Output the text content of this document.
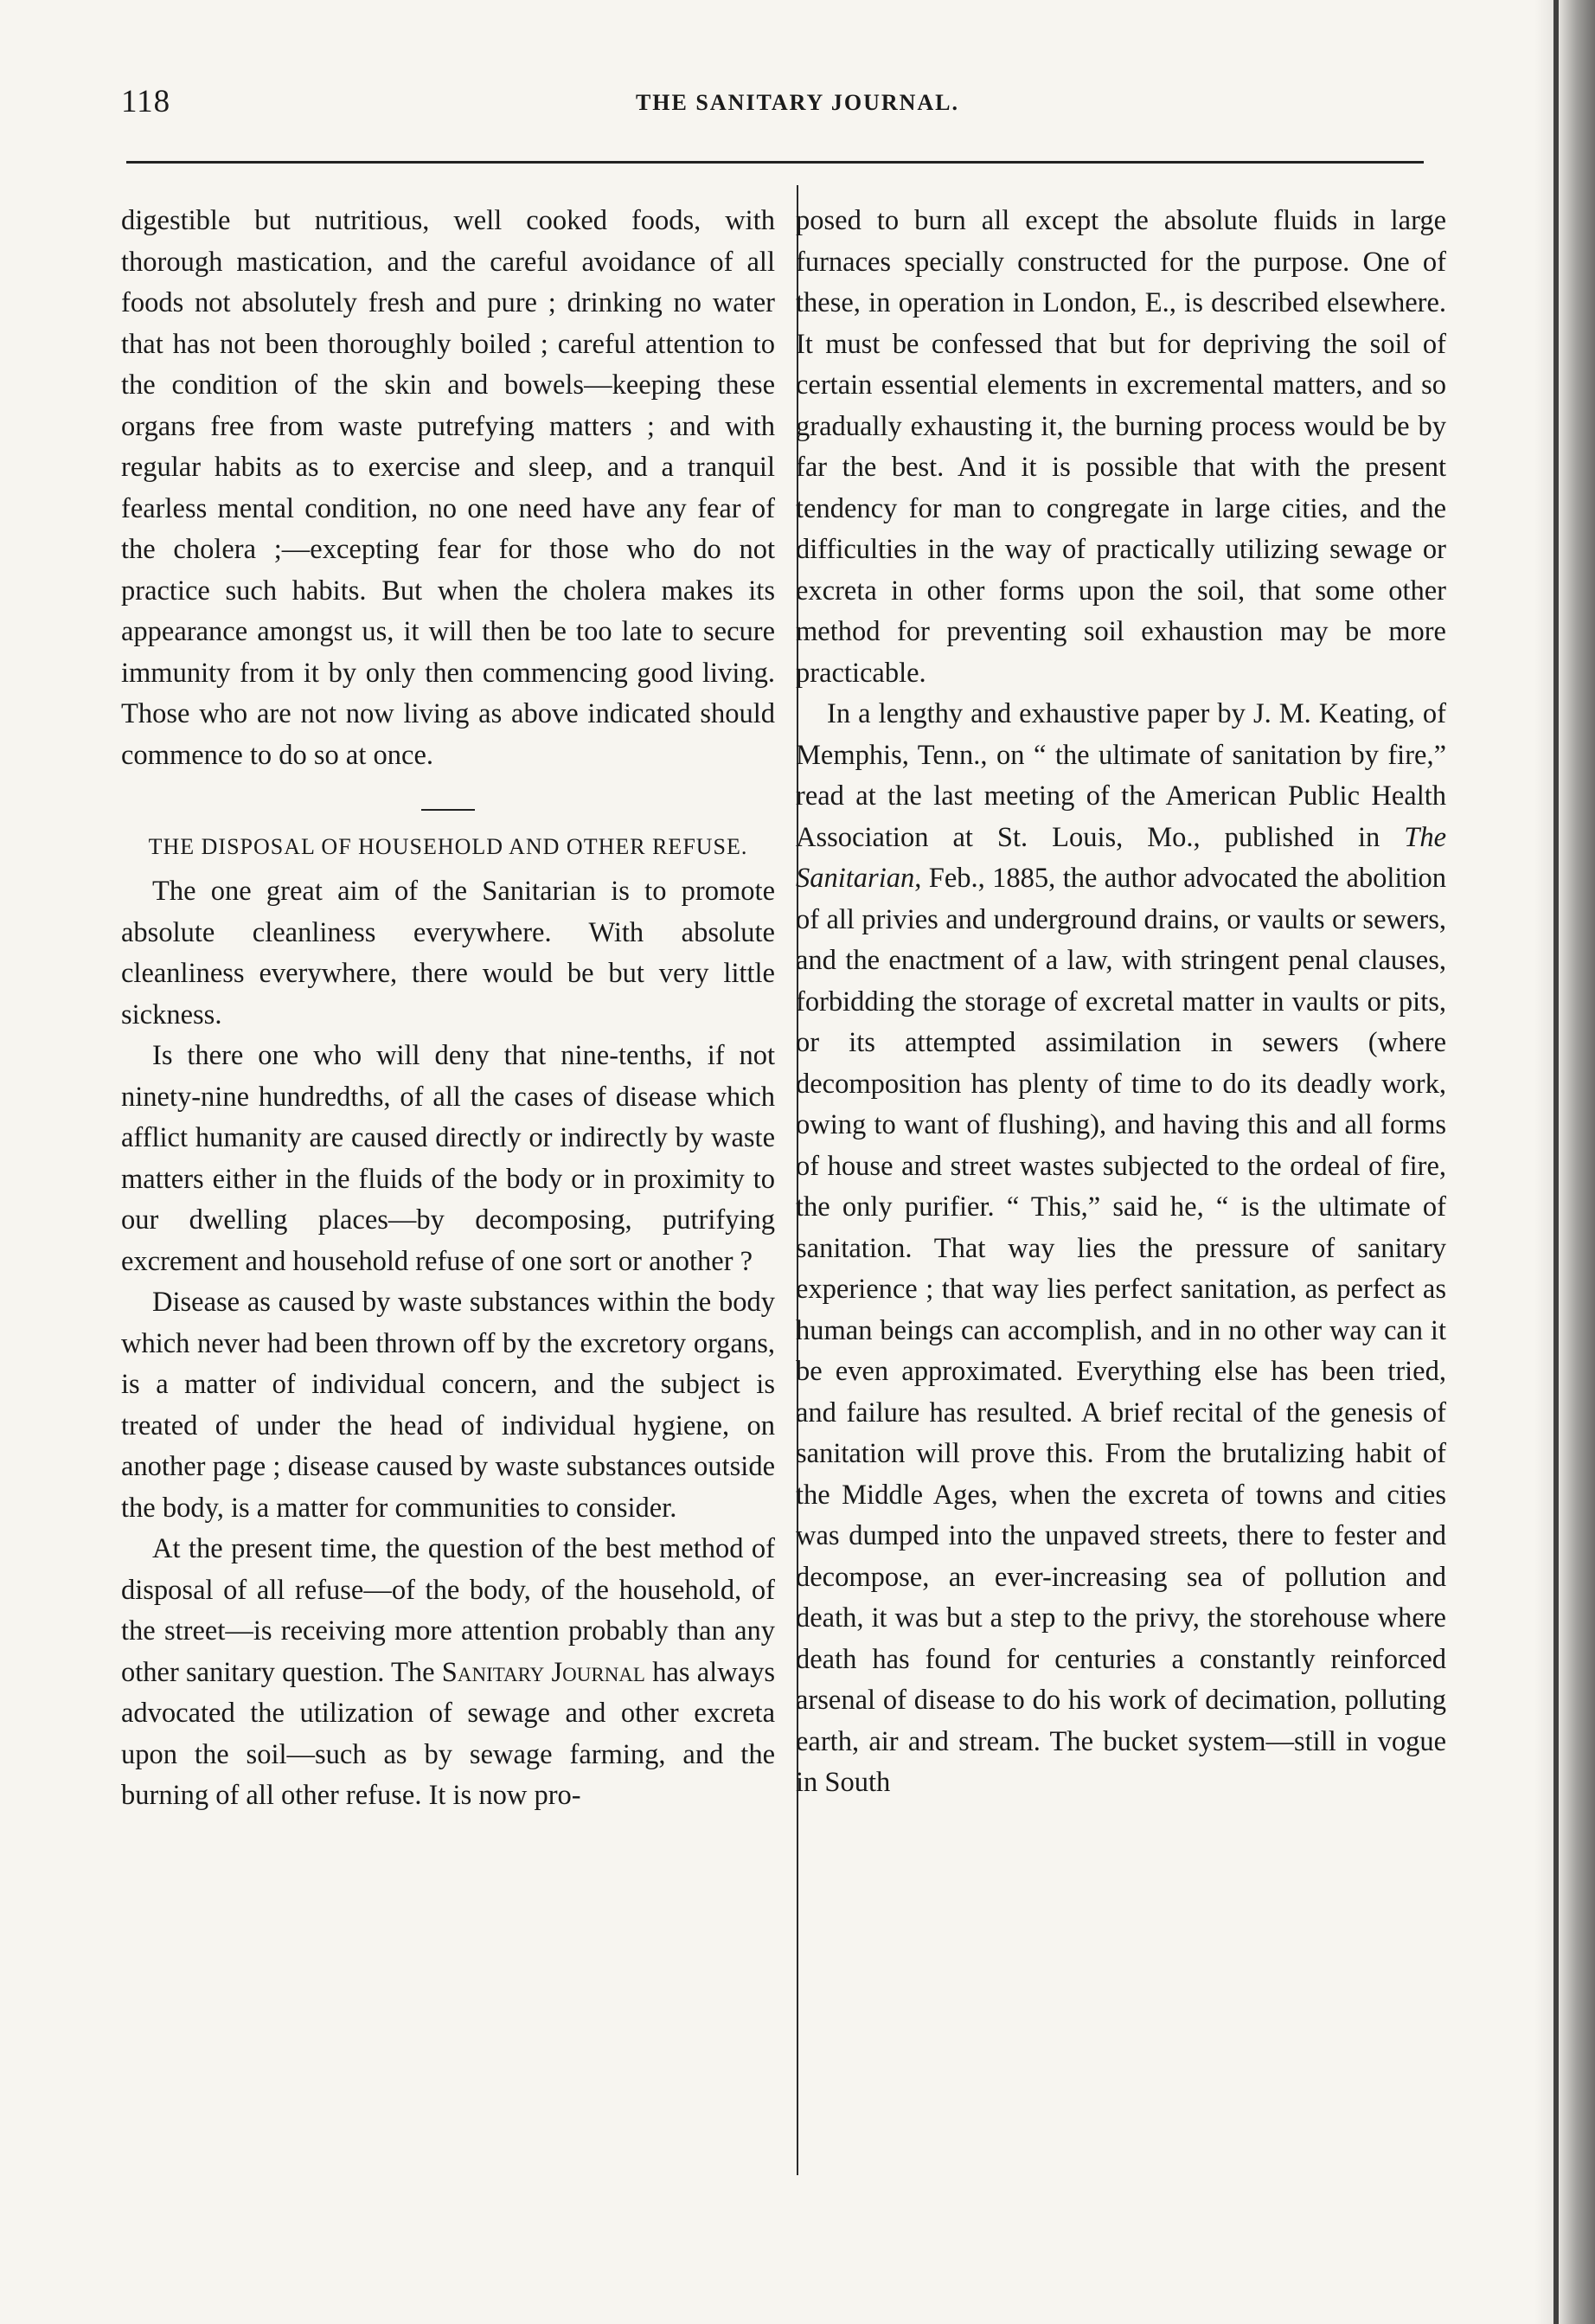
118	THE SANITARY JOURNAL.

digestible but nutritious, well cooked foods, with thorough mastication, and the careful avoidance of all foods not absolutely fresh and pure ; drinking no water that has not been thoroughly boiled ; careful attention to the condition of the skin and bowels—keeping these organs free from waste putrefying matters ; and with regular habits as to exercise and sleep, and a tranquil fearless mental condition, no one need have any fear of the cholera ;—excepting fear for those who do not practice such habits. But when the cholera makes its appearance amongst us, it will then be too late to secure immunity from it by only then commencing good living. Those who are not now living as above indicated should commence to do so at once.

THE DISPOSAL OF HOUSEHOLD AND OTHER REFUSE.

The one great aim of the Sanitarian is to promote absolute cleanliness everywhere. With absolute cleanliness everywhere, there would be but very little sickness.

Is there one who will deny that nine-tenths, if not ninety-nine hundredths, of all the cases of disease which afflict humanity are caused directly or indirectly by waste matters either in the fluids of the body or in proximity to our dwelling places—by decomposing, putrifying excrement and household refuse of one sort or another ?

Disease as caused by waste substances within the body which never had been thrown off by the excretory organs, is a matter of individual concern, and the subject is treated of under the head of individual hygiene, on another page ; disease caused by waste substances outside the body, is a matter for communities to consider.

At the present time, the question of the best method of disposal of all refuse—of the body, of the household, of the street—is receiving more attention probably than any other sanitary question. The Sanitary Journal has always advocated the utilization of sewage and other excreta upon the soil—such as by sewage farming, and the burning of all other refuse. It is now pro-

posed to burn all except the absolute fluids in large furnaces specially constructed for the purpose. One of these, in operation in London, E., is described elsewhere. It must be confessed that but for depriving the soil of certain essential elements in excremental matters, and so gradually exhausting it, the burning process would be by far the best. And it is possible that with the present tendency for man to congregate in large cities, and the difficulties in the way of practically utilizing sewage or excreta in other forms upon the soil, that some other method for preventing soil exhaustion may be more practicable.

In a lengthy and exhaustive paper by J. M. Keating, of Memphis, Tenn., on “ the ultimate of sanitation by fire,” read at the last meeting of the American Public Health Association at St. Louis, Mo., published in The Sanitarian, Feb., 1885, the author advocated the abolition of all privies and underground drains, or vaults or sewers, and the enactment of a law, with stringent penal clauses, forbidding the storage of excretal matter in vaults or pits, or its attempted assimilation in sewers (where decomposition has plenty of time to do its deadly work, owing to want of flushing), and having this and all forms of house and street wastes subjected to the ordeal of fire, the only purifier. “ This,” said he, “ is the ultimate of sanitation. That way lies the pressure of sanitary experience ; that way lies perfect sanitation, as perfect as human beings can accomplish, and in no other way can it be even approximated. Everything else has been tried, and failure has resulted. A brief recital of the genesis of sanitation will prove this. From the brutalizing habit of the Middle Ages, when the excreta of towns and cities was dumped into the unpaved streets, there to fester and decompose, an ever-increasing sea of pollution and death, it was but a step to the privy, the storehouse where death has found for centuries a constantly reinforced arsenal of disease to do his work of decimation, polluting earth, air and stream. The bucket system—still in vogue in South
